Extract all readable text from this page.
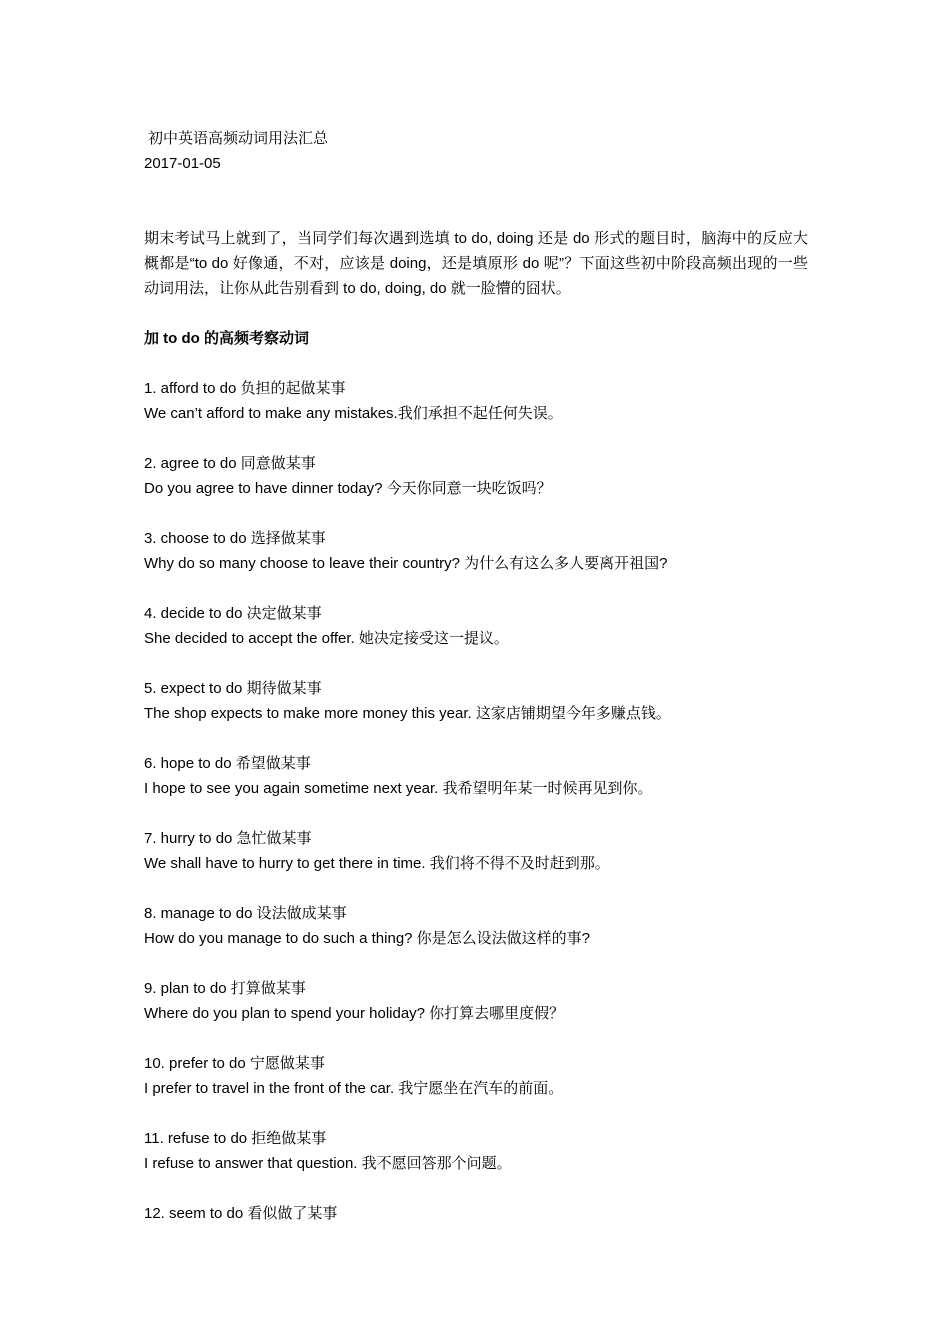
初中英语高频动词用法汇总
2017-01-05
期末考试马上就到了，当同学们每次遇到选填 to do, doing 还是 do 形式的题目时，脑海中的反应大概都是“to do 好像通，不对，应该是 doing，还是填原形 do 呢”？下面这些初中阶段高频出现的一些动词用法，让你从此告别看到 to do, doing, do 就一脸懵的囧状。
加 to do 的高频考察动词
1. afford to do 负担的起做某事
We can’t afford to make any mistakes.我们承担不起任何失误。
2. agree to do 同意做某事
Do you agree to have dinner today? 今天你同意一块吃饭吗？
3. choose to do 选择做某事
Why do so many choose to leave their country? 为什么有这么多人要离开祖国?
4. decide to do 决定做某事
She decided to accept the offer. 她决定接受这一提议。
5. expect to do 期待做某事
The shop expects to make more money this year. 这家店铺期望今年多赚点钱。
6. hope to do 希望做某事
I hope to see you again sometime next year. 我希望明年某一时候再见到你。
7. hurry to do 急忙做某事
We shall have to hurry to get there in time. 我们将不得不及时赶到那。
8. manage to do 设法做成某事
How do you manage to do such a thing? 你是怎么设法做这样的事?
9. plan to do 打算做某事
Where do you plan to spend your holiday? 你打算去哪里度假？
10. prefer to do 宁愿做某事
I prefer to travel in the front of the car. 我宁愿坐在汽车的前面。
11. refuse to do 拒绝做某事
I refuse to answer that question. 我不愿回答那个问题。
12. seem to do 看似做了某事
